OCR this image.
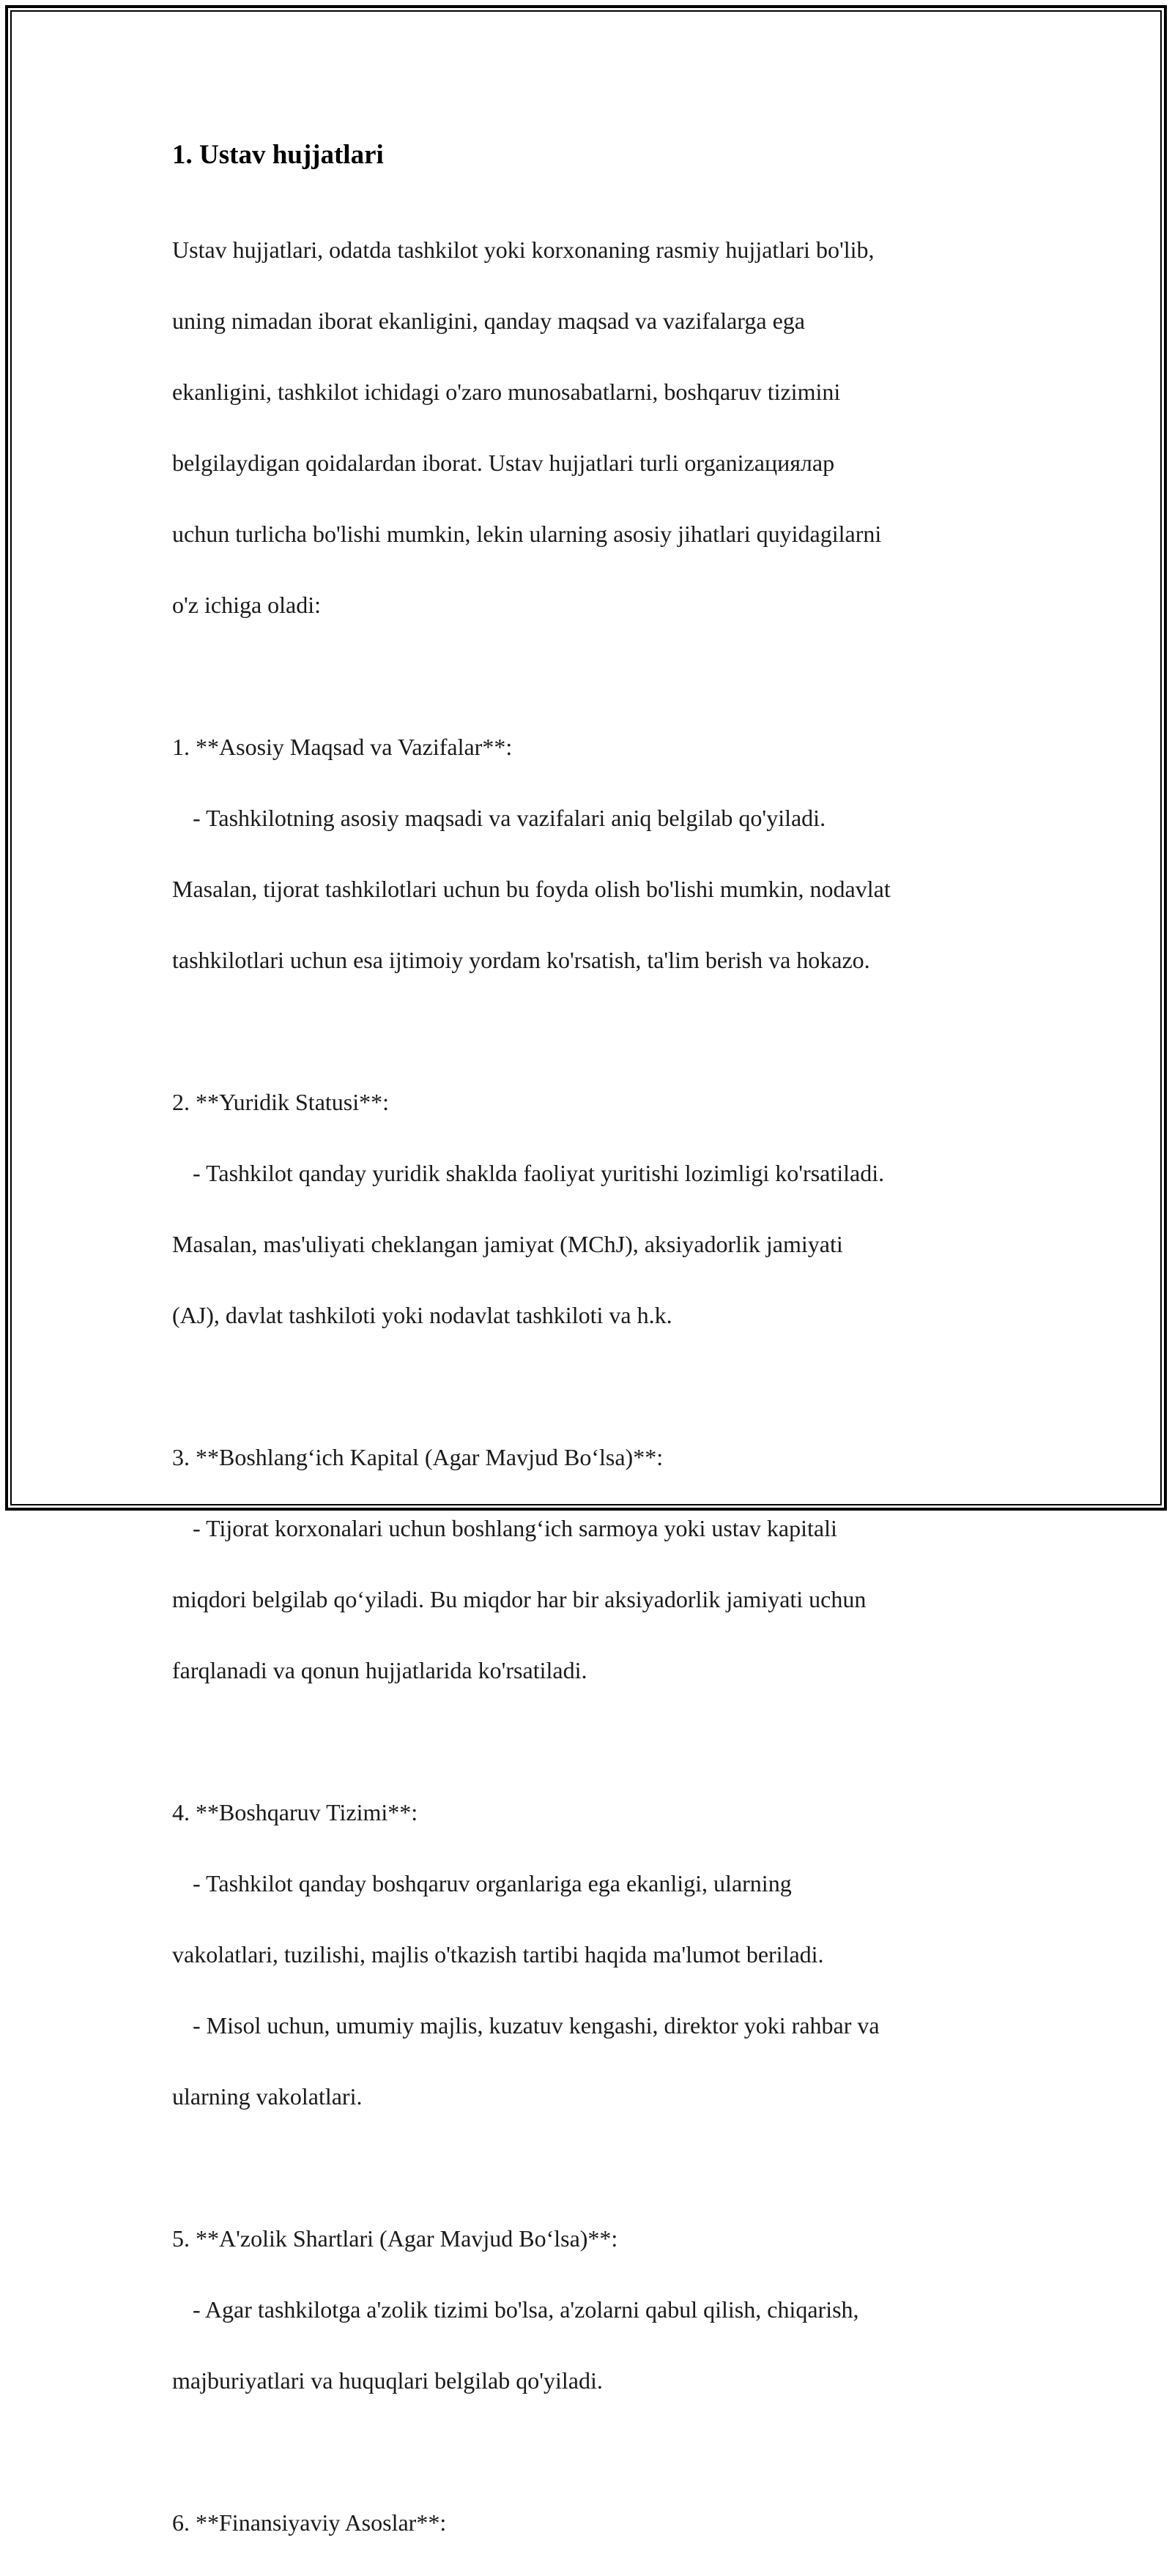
1. Ustav hujjatlari

Ustav hujjatlari, odatda tashkilot yoki korxonaning rasmiy hujjatlari bo'lib,

uning nimadan iborat ekanligini, qanday maqsad va vazifalarga ega

ekanligini, tashkilot ichidagi o'zaro munosabatlarni, boshqaruv tizimini

belgilaydigan qoidalardan iborat. Ustav hujjatlari turli organizациялар

uchun turlicha bo'lishi mumkin, lekin ularning asosiy jihatlari quyidagilarni

o'z ichiga oladi:

1. **Asosiy Maqsad va Vazifalar**:

- Tashkilotning asosiy maqsadi va vazifalari aniq belgilab qo'yiladi.

Masalan, tijorat tashkilotlari uchun bu foyda olish bo'lishi mumkin, nodavlat

tashkilotlari uchun esa ijtimoiy yordam ko'rsatish, ta'lim berish va hokazo.

2. **Yuridik Statusi**:

- Tashkilot qanday yuridik shaklda faoliyat yuritishi lozimligi ko'rsatiladi.

Masalan, mas'uliyati cheklangan jamiyat (MChJ), aksiyadorlik jamiyati

(AJ), davlat tashkiloti yoki nodavlat tashkiloti va h.k.

3. **Boshlang‘ich Kapital (Agar Mavjud Bo‘lsa)**:

- Tijorat korxonalari uchun boshlang‘ich sarmoya yoki ustav kapitali

miqdori belgilab qo‘yiladi. Bu miqdor har bir aksiyadorlik jamiyati uchun

farqlanadi va qonun hujjatlarida ko'rsatiladi.

4. **Boshqaruv Tizimi**:

- Tashkilot qanday boshqaruv organlariga ega ekanligi, ularning

vakolatlari, tuzilishi, majlis o'tkazish tartibi haqida ma'lumot beriladi.

- Misol uchun, umumiy majlis, kuzatuv kengashi, direktor yoki rahbar va

ularning vakolatlari.

5. **A'zolik Shartlari (Agar Mavjud Bo‘lsa)**:

- Agar tashkilotga a'zolik tizimi bo'lsa, a'zolarni qabul qilish, chiqarish,

majburiyatlari va huquqlari belgilab qo'yiladi.

6. **Finansiyaviy Asoslar**:
